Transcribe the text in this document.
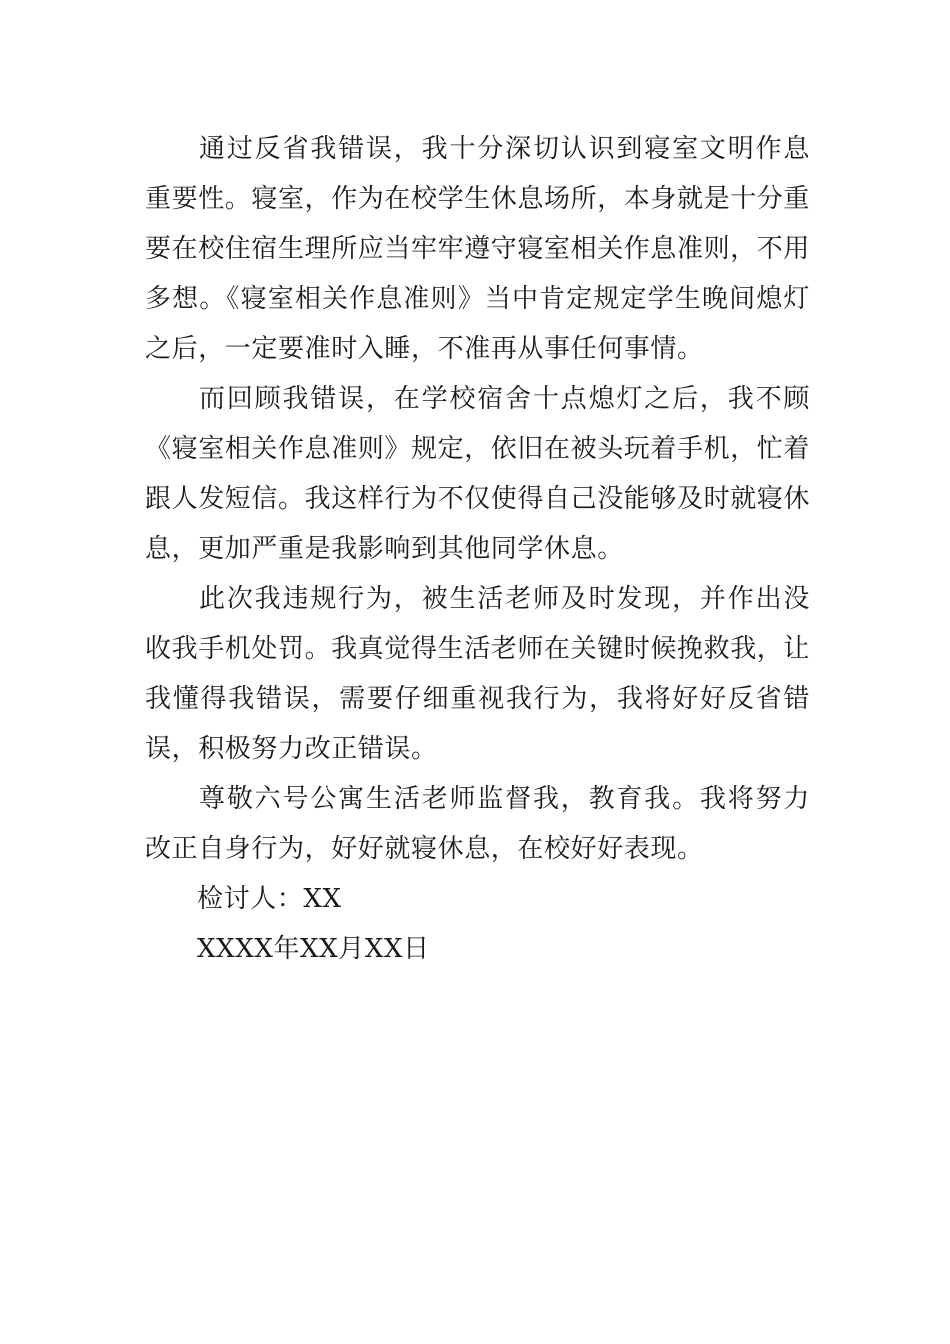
通过反省我错误，我十分深切认识到寝室文明作息重要性。寝室，作为在校学生休息场所，本身就是十分重要在校住宿生理所应当牢牢遵守寝室相关作息准则，不用多想。《寝室相关作息准则》当中肯定规定学生晚间熄灯之后，一定要准时入睡，不准再从事任何事情。

而回顾我错误，在学校宿舍十点熄灯之后，我不顾《寝室相关作息准则》规定，依旧在被头玩着手机，忙着跟人发短信。我这样行为不仅使得自己没能够及时就寝休息，更加严重是我影响到其他同学休息。

此次我违规行为，被生活老师及时发现，并作出没收我手机处罚。我真觉得生活老师在关键时候挽救我，让我懂得我错误，需要仔细重视我行为，我将好好反省错误，积极努力改正错误。

尊敬六号公寓生活老师监督我，教育我。我将努力改正自身行为，好好就寝休息，在校好好表现。

检讨人：XX

XXXX年XX月XX日
